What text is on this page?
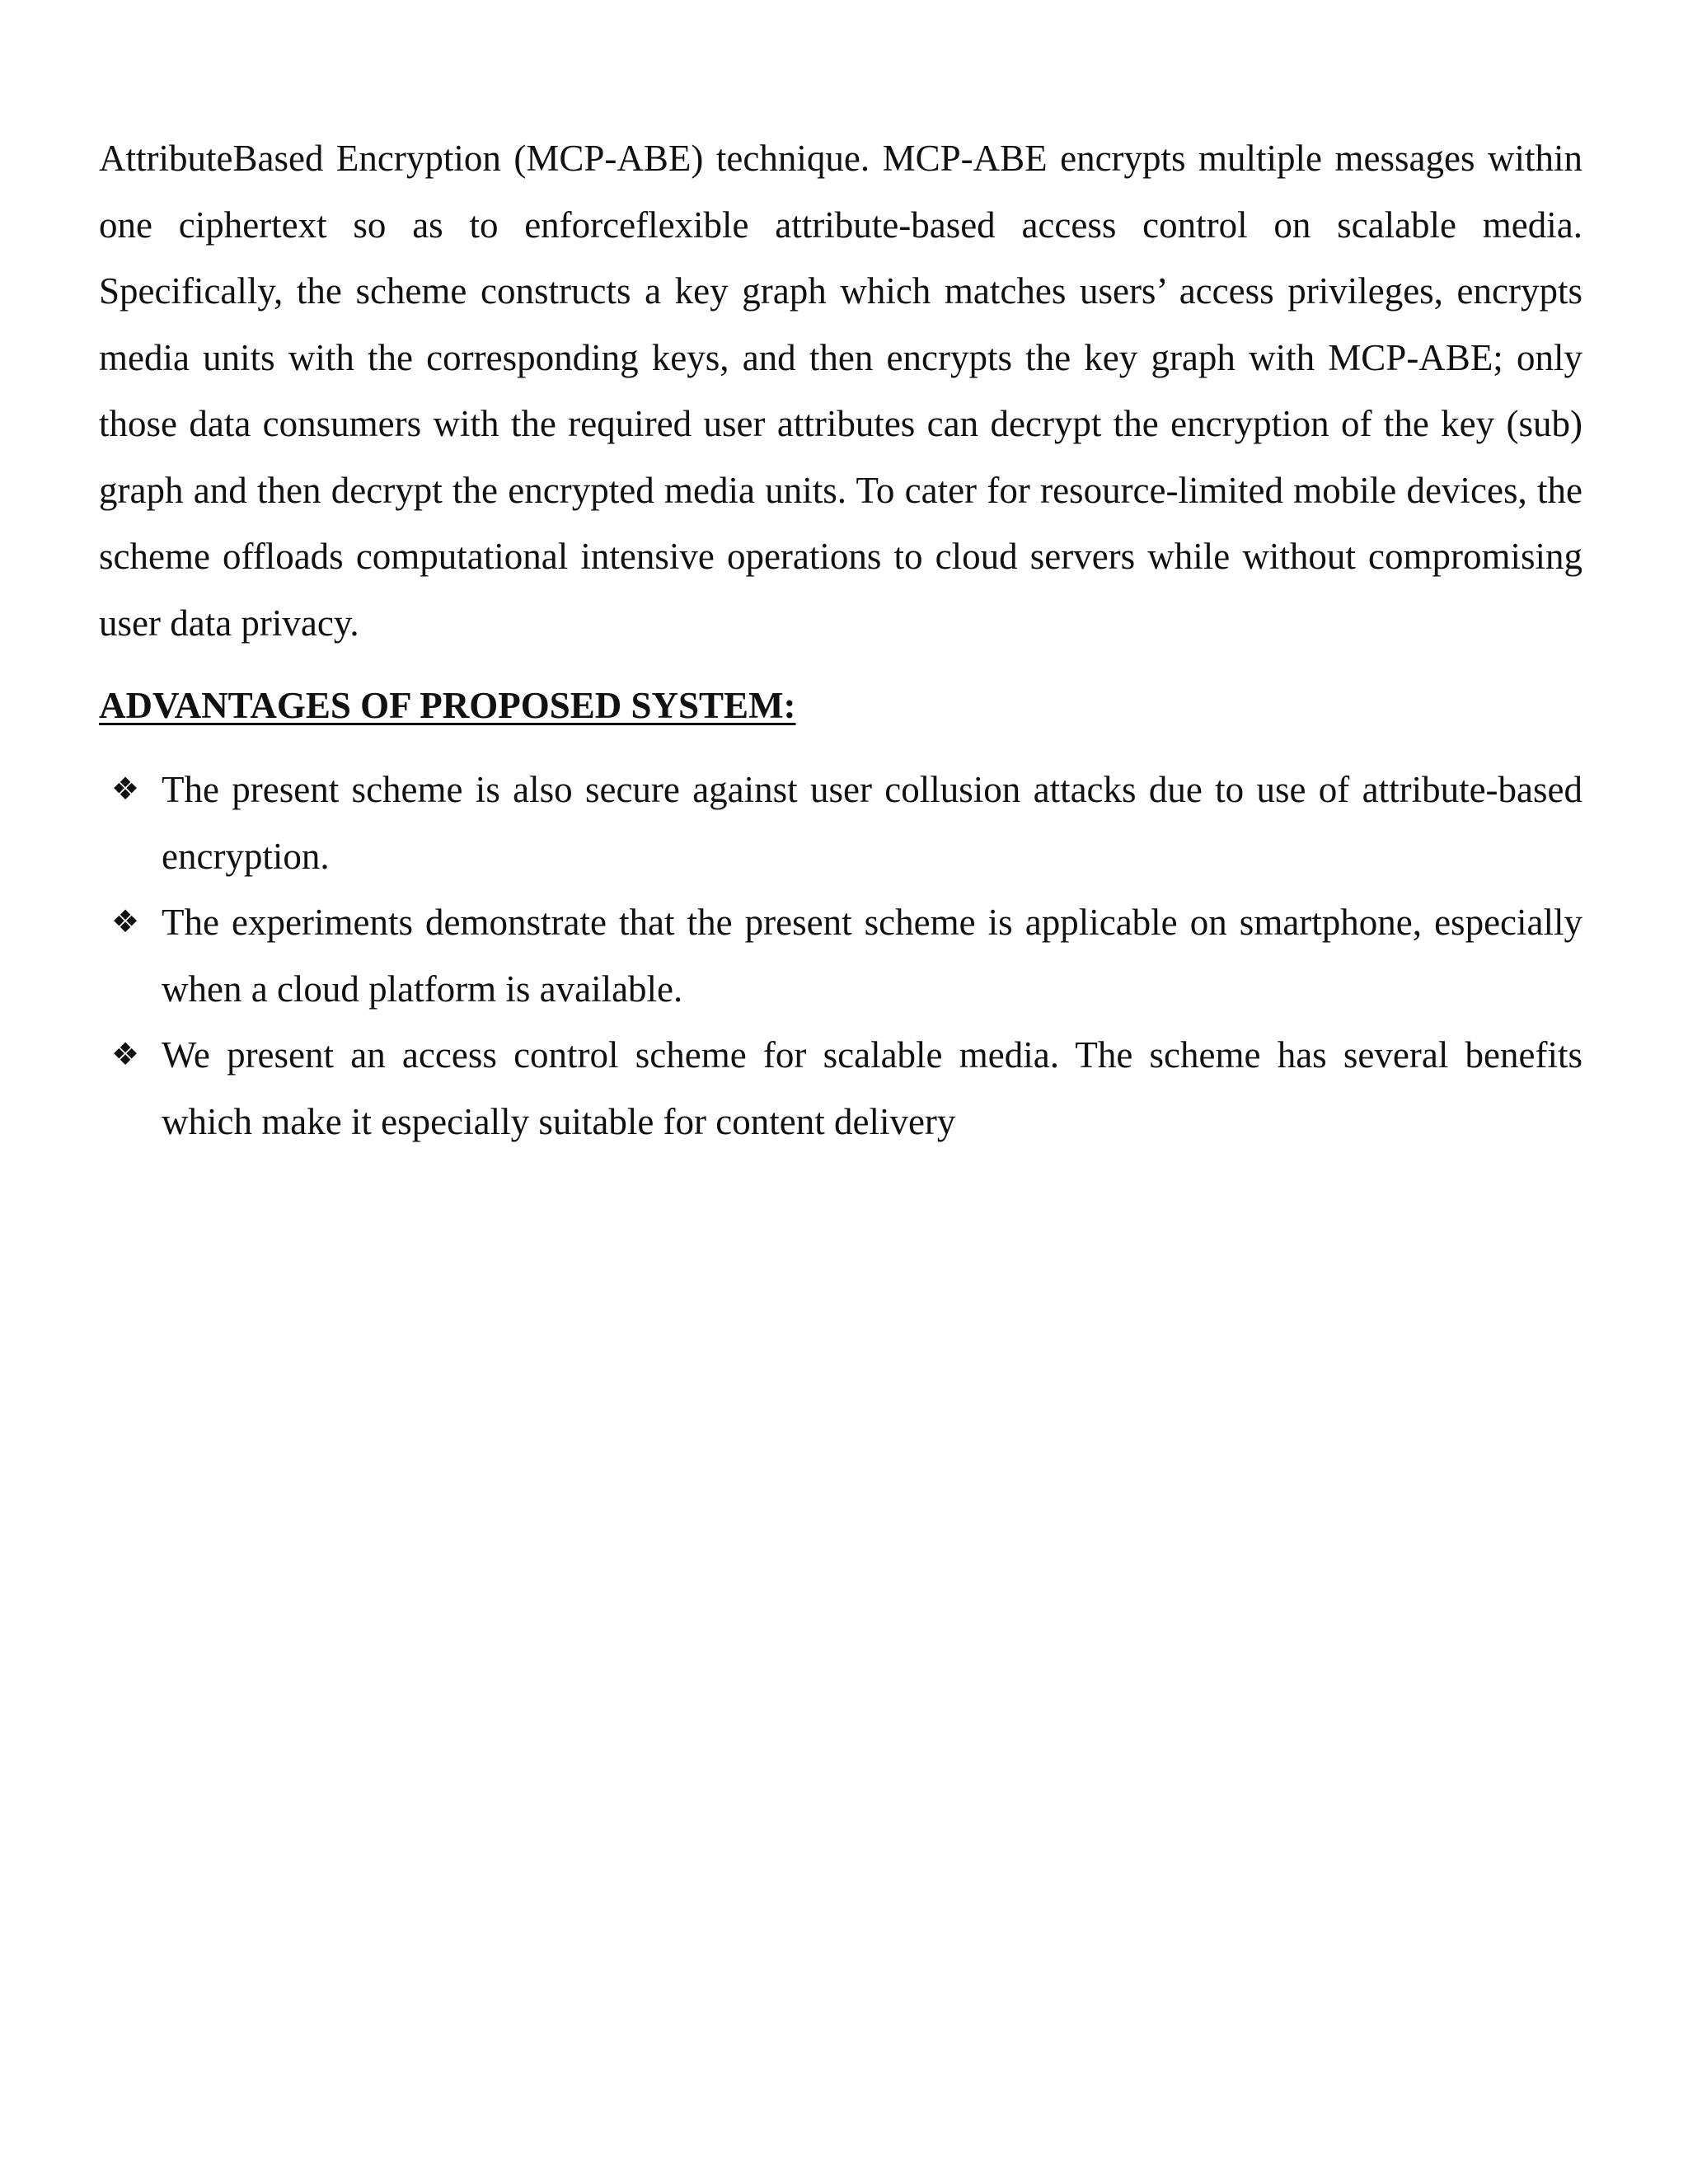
AttributeBased Encryption (MCP-ABE) technique. MCP-ABE encrypts multiple messages within one ciphertext so as to enforceflexible attribute-based access control on scalable media. Specifically, the scheme constructs a key graph which matches users’ access privileges, encrypts media units with the corresponding keys, and then encrypts the key graph with MCP-ABE; only those data consumers with the required user attributes can decrypt the encryption of the key (sub) graph and then decrypt the encrypted media units. To cater for resource-limited mobile devices, the scheme offloads computational intensive operations to cloud servers while without compromising user data privacy.

ADVANTAGES OF PROPOSED SYSTEM:
❖ The present scheme is also secure against user collusion attacks due to use of attribute-based encryption.
❖ The experiments demonstrate that the present scheme is applicable on smartphone, especially when a cloud platform is available.
❖ We present an access control scheme for scalable media. The scheme has several benefits which make it especially suitable for content delivery
